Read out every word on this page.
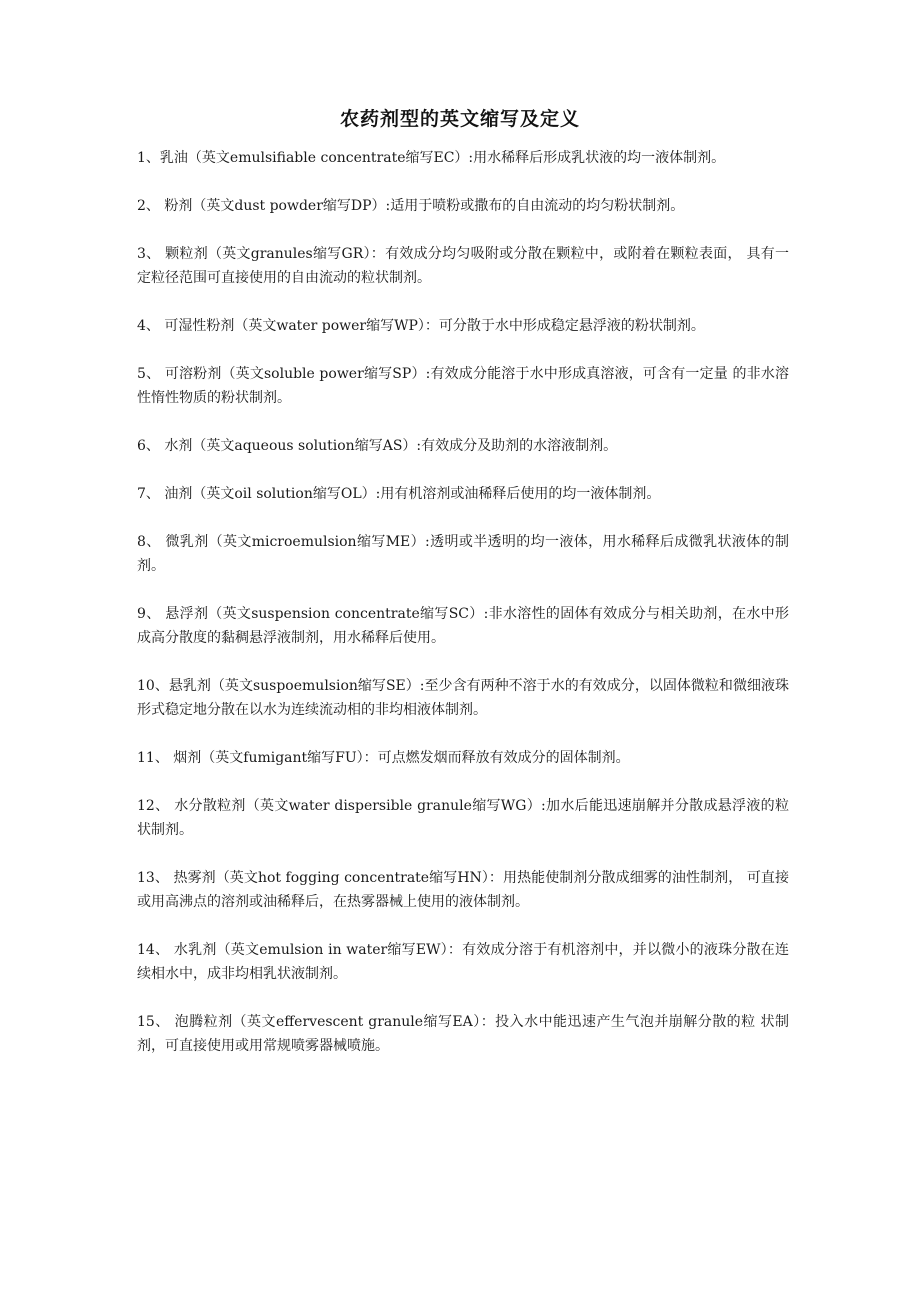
农药剂型的英文缩写及定义

1、乳油（英文emulsifiable concentrate缩写EC）:用水稀释后形成乳状液的均一液体制剂。

2、 粉剂（英文dust powder缩写DP）:适用于喷粉或撒布的自由流动的均匀粉状制剂。

3、 颗粒剂（英文granules缩写GR）：有效成分均匀吸附或分散在颗粒中，或附着在颗粒表面， 具有一定粒径范围可直接使用的自由流动的粒状制剂。

4、 可湿性粉剂（英文water power缩写WP）：可分散于水中形成稳定悬浮液的粉状制剂。

5、 可溶粉剂（英文soluble power缩写SP）:有效成分能溶于水中形成真溶液，可含有一定量 的非水溶性惰性物质的粉状制剂。

6、 水剂（英文aqueous solution缩写AS）:有效成分及助剂的水溶液制剂。

7、 油剂（英文oil solution缩写OL）:用有机溶剂或油稀释后使用的均一液体制剂。

8、 微乳剂（英文microemulsion缩写ME）:透明或半透明的均一液体，用水稀释后成微乳状液体的制剂。

9、 悬浮剂（英文suspension concentrate缩写SC）:非水溶性的固体有效成分与相关助剂，在水中形成高分散度的黏稠悬浮液制剂，用水稀释后使用。

10、悬乳剂（英文suspoemulsion缩写SE）:至少含有两种不溶于水的有效成分，以固体微粒和微细液珠形式稳定地分散在以水为连续流动相的非均相液体制剂。

11、 烟剂（英文fumigant缩写FU）：可点燃发烟而释放有效成分的固体制剂。

12、 水分散粒剂（英文water dispersible granule缩写WG）:加水后能迅速崩解并分散成悬浮液的粒状制剂。

13、 热雾剂（英文hot fogging concentrate缩写HN）：用热能使制剂分散成细雾的油性制剂， 可直接或用高沸点的溶剂或油稀释后，在热雾器械上使用的液体制剂。

14、 水乳剂（英文emulsion in water缩写EW）：有效成分溶于有机溶剂中，并以微小的液珠分散在连续相水中，成非均相乳状液制剂。

15、 泡腾粒剂（英文effervescent granule缩写EA）：投入水中能迅速产生气泡并崩解分散的粒 状制剂，可直接使用或用常规喷雾器械喷施。
